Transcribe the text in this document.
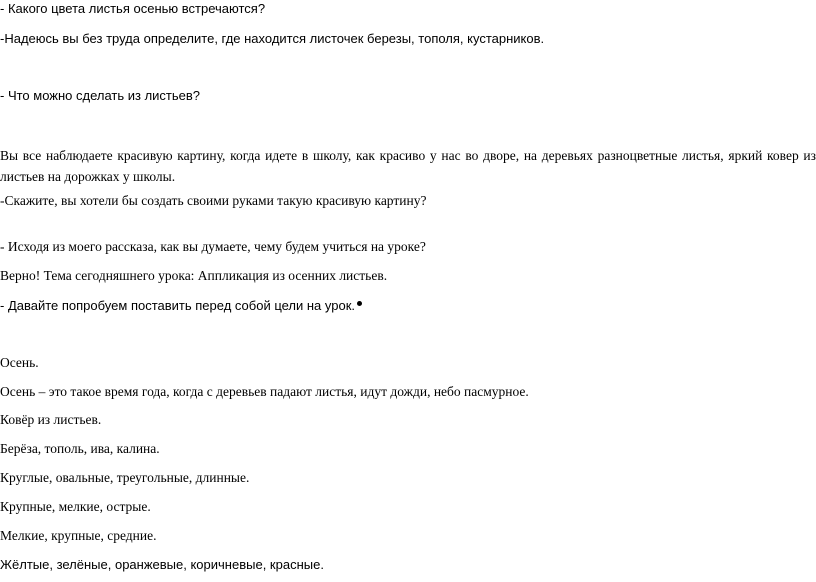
- Какого цвета листья осенью встречаются?
-Надеюсь вы без труда определите, где находится листочек березы, тополя, кустарников.
- Что можно сделать из листьев?
Вы все наблюдаете красивую картину, когда идете в школу, как красиво у нас во дворе, на деревьях разноцветные листья, яркий ковер из листьев на дорожках у школы.
-Скажите, вы хотели бы создать своими руками такую красивую картину?
- Исходя из моего рассказа, как вы думаете, чему будем учиться на уроке?
Верно! Тема сегодняшнего урока: Аппликация из осенних листьев.
- Давайте попробуем поставить перед собой цели на урок.
Осень.
Осень – это такое время года, когда с деревьев падают листья, идут дожди, небо пасмурное.
Ковёр из листьев.
Берёза, тополь, ива, калина.
Круглые, овальные, треугольные, длинные.
Крупные, мелкие, острые.
Мелкие, крупные, средние.
Жёлтые, зелёные, оранжевые, коричневые, красные.
